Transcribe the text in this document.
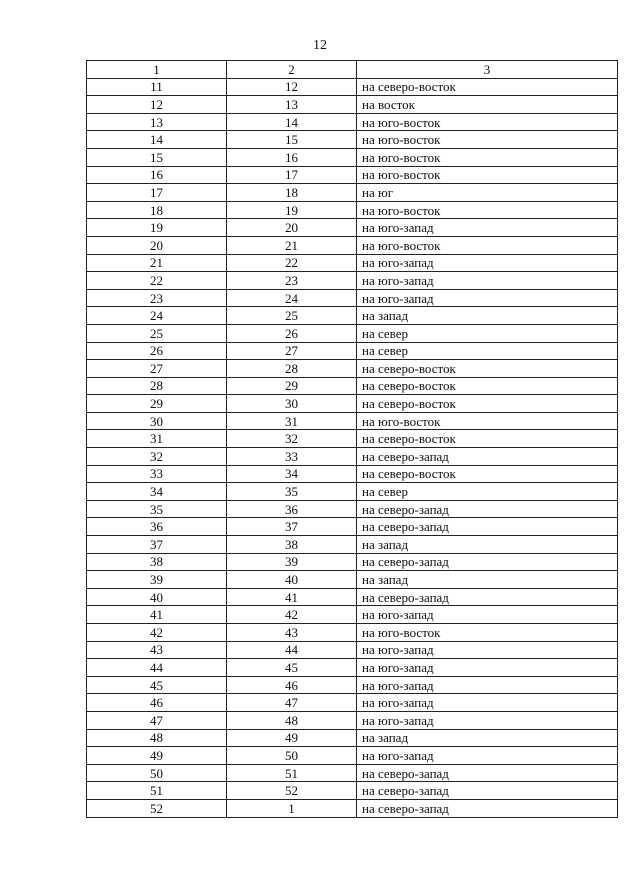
12
1	2	3
11	12	на северо-восток
12	13	на восток
13	14	на юго-восток
14	15	на юго-восток
15	16	на юго-восток
16	17	на юго-восток
17	18	на юг
18	19	на юго-восток
19	20	на юго-запад
20	21	на юго-восток
21	22	на юго-запад
22	23	на юго-запад
23	24	на юго-запад
24	25	на запад
25	26	на север
26	27	на север
27	28	на северо-восток
28	29	на северо-восток
29	30	на северо-восток
30	31	на юго-восток
31	32	на северо-восток
32	33	на северо-запад
33	34	на северо-восток
34	35	на север
35	36	на северо-запад
36	37	на северо-запад
37	38	на запад
38	39	на северо-запад
39	40	на запад
40	41	на северо-запад
41	42	на юго-запад
42	43	на юго-восток
43	44	на юго-запад
44	45	на юго-запад
45	46	на юго-запад
46	47	на юго-запад
47	48	на юго-запад
48	49	на запад
49	50	на юго-запад
50	51	на северо-запад
51	52	на северо-запад
52	1	на северо-запад
